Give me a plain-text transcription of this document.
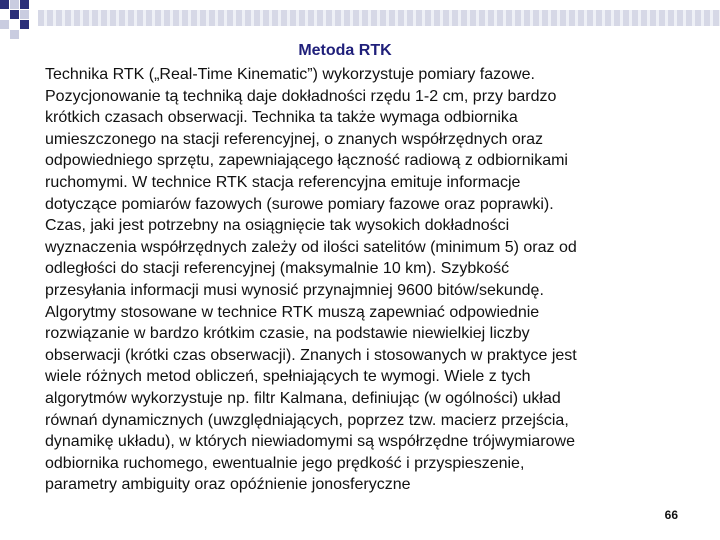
Metoda RTK

Technika RTK („Real-Time Kinematic”) wykorzystuje pomiary fazowe.
Pozycjonowanie tą techniką daje dokładności rzędu 1-2 cm, przy bardzo
krótkich czasach obserwacji. Technika ta także wymaga odbiornika
umieszczonego na stacji referencyjnej, o znanych współrzędnych oraz
odpowiedniego sprzętu, zapewniającego łączność radiową z odbiornikami
ruchomymi. W technice RTK stacja referencyjna emituje informacje
dotyczące pomiarów fazowych (surowe pomiary fazowe oraz poprawki).
Czas, jaki jest potrzebny na osiągnięcie tak wysokich dokładności
wyznaczenia współrzędnych zależy od ilości satelitów (minimum 5) oraz od
odległości do stacji referencyjnej (maksymalnie 10 km). Szybkość
przesyłania informacji musi wynosić przynajmniej 9600 bitów/sekundę.
Algorytmy stosowane w technice RTK muszą zapewniać odpowiednie
rozwiązanie w bardzo krótkim czasie, na podstawie niewielkiej liczby
obserwacji (krótki czas obserwacji). Znanych i stosowanych w praktyce jest
wiele różnych metod obliczeń, spełniających te wymogi. Wiele z tych
algorytmów wykorzystuje np. filtr Kalmana, definiując (w ogólności) układ
równań dynamicznych (uwzględniających, poprzez tzw. macierz przejścia,
dynamikę układu), w których niewiadomymi są współrzędne trójwymiarowe
odbiornika ruchomego, ewentualnie jego prędkość i przyspieszenie,
parametry ambiguity oraz opóźnienie jonosferyczne

66
